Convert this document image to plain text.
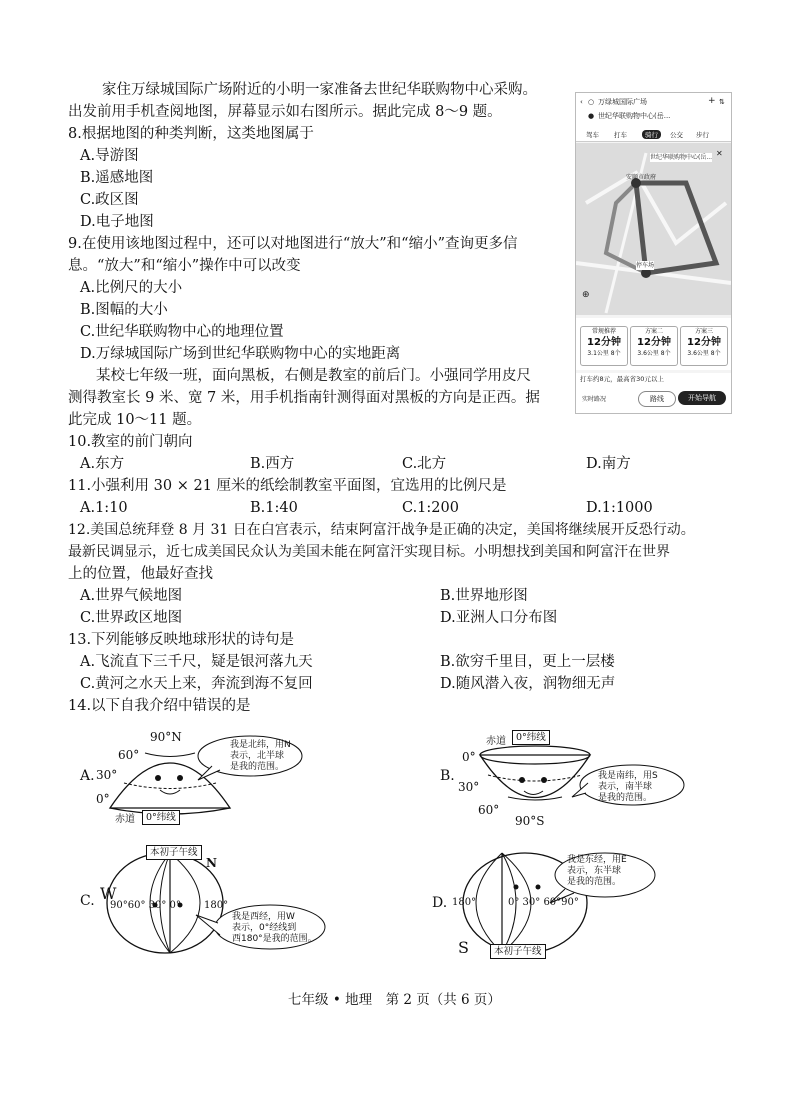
家住万绿城国际广场附近的小明一家准备去世纪华联购物中心采购。
出发前用手机查阅地图，屏幕显示如右图所示。据此完成 8～9 题。
8.根据地图的种类判断，这类地图属于
A.导游图
B.遥感地图
C.政区图
D.电子地图
9.在使用该地图过程中，还可以对地图进行“放大”和“缩小”查询更多信
息。“放大”和“缩小”操作中可以改变
A.比例尺的大小
B.图幅的大小
C.世纪华联购物中心的地理位置
D.万绿城国际广场到世纪华联购物中心的实地距离
某校七年级一班，面向黑板，右侧是教室的前后门。小强同学用皮尺
测得教室长 9 米、宽 7 米，用手机指南针测得面对黑板的方向是正西。据
此完成 10～11 题。
10.教室的前门朝向
A.东方	B.西方	C.北方	D.南方
11.小强利用 30 × 21 厘米的纸绘制教室平面图，宜选用的比例尺是
A.1:10	B.1:40	C.1:200	D.1:1000
12.美国总统拜登 8 月 31 日在白宫表示，结束阿富汗战争是正确的决定，美国将继续展开反恐行动。
最新民调显示，近七成美国民众认为美国未能在阿富汗实现目标。小明想找到美国和阿富汗在世界
上的位置，他最好查找
A.世界气候地图	B.世界地形图
C.世界政区地图	D.亚洲人口分布图
13.下列能够反映地球形状的诗句是
A.飞流直下三千尺，疑是银河落九天	B.欲穷千里目，更上一层楼
C.黄河之水天上来，奔流到海不复回	D.随风潜入夜，润物细无声
14.以下自我介绍中错误的是
90°N
60°
A. 30°
0°
赤道	0°纬线
我是北纬，用N
表示，北半球
是我的范围。
赤道	0°纬线
0°
B.
30°
60°
90°S
我是南纬，用S
表示，南半球
是我的范围。
本初子午线
N
C. W
90°60° 30° 0° 180°
我是西经，用W
表示，0°经线到
西180°是我的范围。
D. 180°	0° 30° 60°90°
S	本初子午线
我是东经，用E
表示，东半球
是我的范围。
‹ ○ 万绿城国际广场	+ ⇅
● 世纪华联购物中心(岳...
驾车 打车	骑行	公交 步行
世纪华联购物中心(岳...
安顺市政府
停车场
⊕
✕
常规推荐
12分钟
3.1公里 8个
方案二
12分钟
3.6公里 8个
方案三
12分钟
3.6公里 8个
打车约8元，最高省30元以上
实时路况	路线	开始导航
七年级 • 地理　第 2 页（共 6 页）
